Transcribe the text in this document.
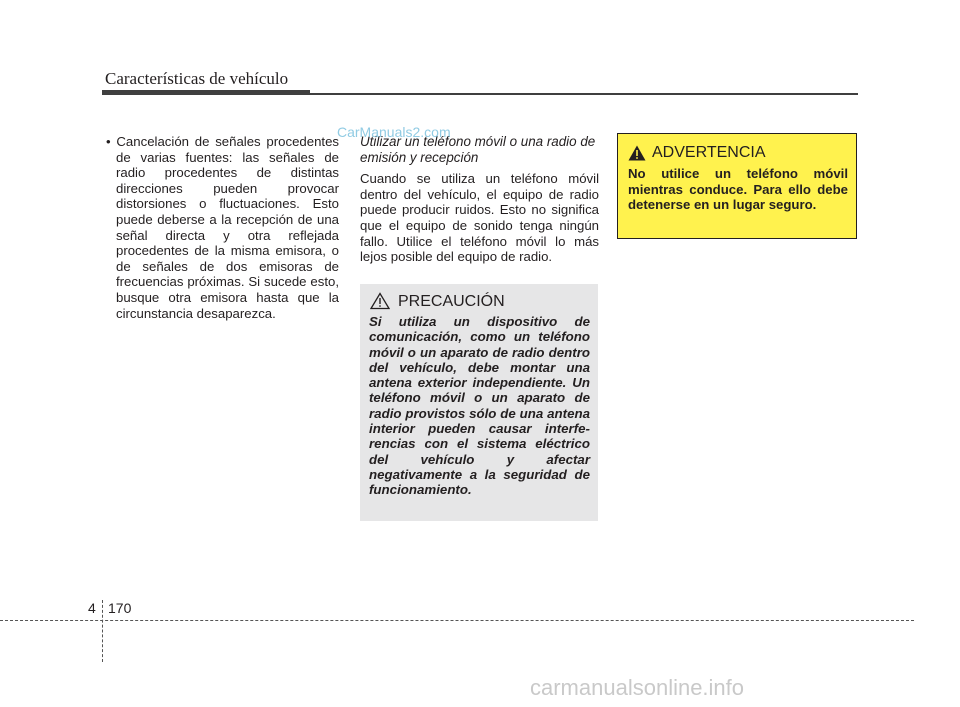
Características de vehículo
• Cancelación de señales procedentes de varias fuentes: las señales de radio procedentes de distintas direcciones pueden provocar distorsiones o fluctuaciones. Esto puede deberse a la recepción de una señal directa y otra reflejada procedentes de la misma emisora, o de señales de dos emisoras de frecuencias próximas. Si sucede esto, busque otra emisora hasta que la circunstancia desaparezca.

Utilizar un teléfono móvil o una radio de emisión y recepción

Cuando se utiliza un teléfono móvil dentro del vehículo, el equipo de radio puede producir ruidos. Esto no significa que el equipo de sonido tenga ningún fallo. Utilice el teléfono móvil lo más lejos posible del equipo de radio.

PRECAUCIÓN
Si utiliza un dispositivo de comunicación, como un teléfono móvil o un aparato de radio dentro del vehículo, debe montar una antena exterior independiente. Un teléfono móvil o un aparato de radio provistos sólo de una antena interior pueden causar interfe-rencias con el sistema eléctrico del vehículo y afectar negativamente a la seguridad de funcionamiento.
ADVERTENCIA
No utilice un teléfono móvil mientras conduce. Para ello debe detenerse en un lugar seguro.
4 170
CarManuals2.com
carmanualsonline.info
